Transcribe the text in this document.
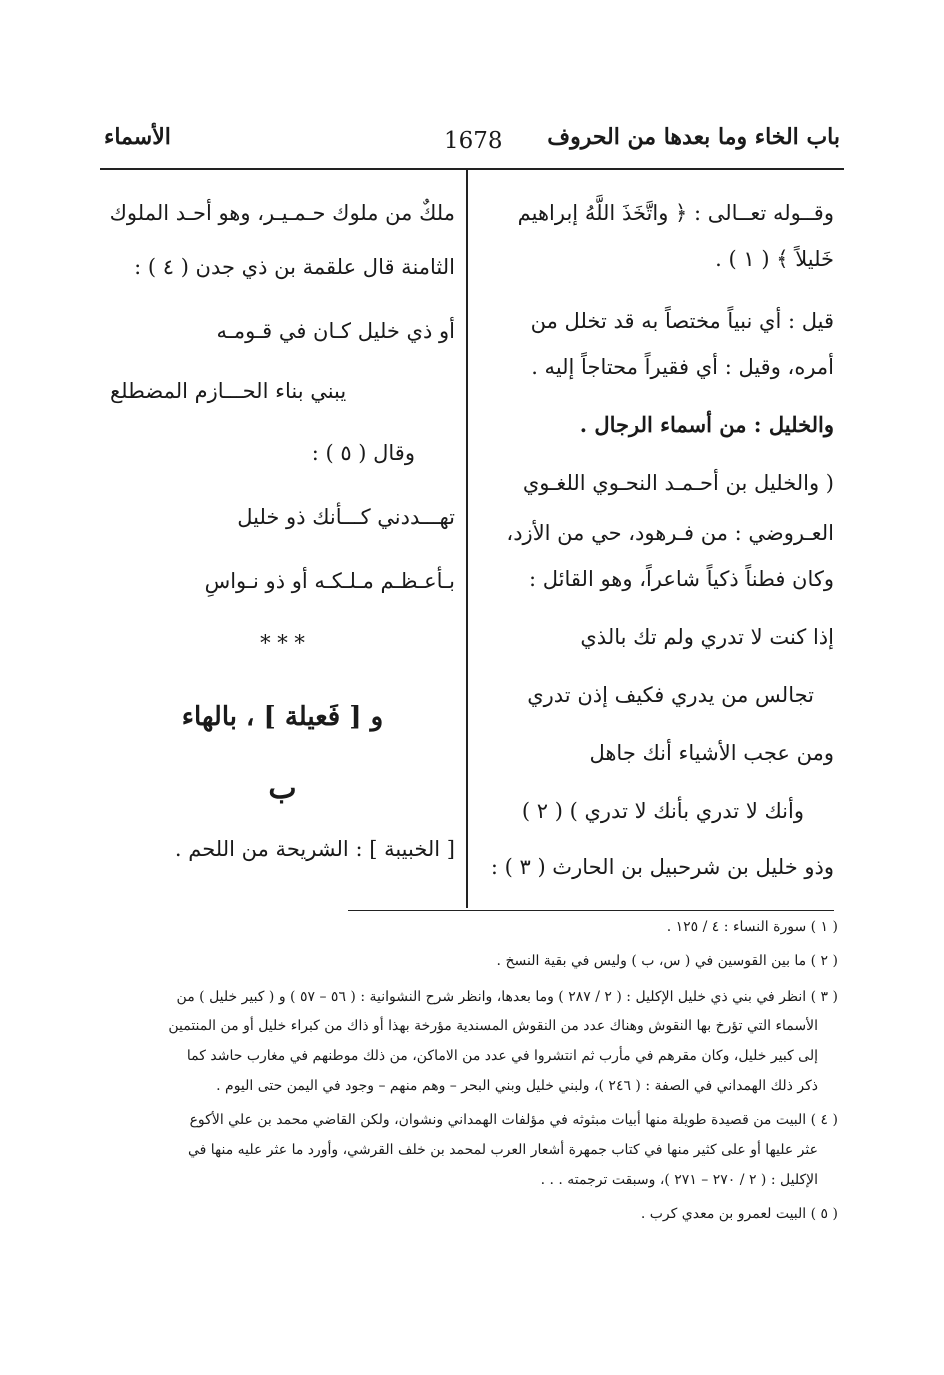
باب الخاء وما بعدها من الحروف
1678
الأسماء
وقــوله تعــالى : ﴿ واتَّخَذَ اللَّهُ إبراهيم
خَليلاً ﴾ ( ١ ) .
قيل : أي نبياً مختصاً به قد تخلل من
أمره، وقيل : أي فقيراً محتاجاً إليه .
والخليل : من أسماء الرجال .
( والخليل بن أحـمـد النحـوي اللغـوي
العـروضي : من فـرهود، حي من الأزد،
وكان فطناً ذكياً شاعراً، وهو القائل :
إذا كنت لا تدري ولم تك بالذي
تجالس من يدري فكيف إذن تدري
ومن عجب الأشياء أنك جاهل
وأنك لا تدري بأنك لا تدري ) ( ٢ )
وذو خليل بن شرحبيل بن الحارث ( ٣ ) :
ملكٌ من ملوك حـمـيـر، وهو أحـد الملوك
الثامنة قال علقمة بن ذي جدن ( ٤ ) :
أو ذي خليل كـان في قـومـه
يبني بناء الحـــازم المضطلع
وقال ( ٥ ) :
تهـــددني كـــأنك ذو خليل
بـأعـظـم مـلـكـه أو ذو نـواسِ
* * *
و [ فَعيلة ] ، بالهاء
ب
[ الخبيبة ] : الشريحة من اللحم .
( ١ ) سورة النساء : ٤ / ١٢٥ .
( ٢ ) ما بين القوسين في ( س، ب ) وليس في بقية النسخ .
( ٣ ) انظر في بني ذي خليل الإكليل : ( ٢ / ٢٨٧ ) وما بعدها، وانظر شرح النشوانية : ( ٥٦ – ٥٧ ) و ( كبير خليل ) من
الأسماء التي تؤرخ بها النقوش وهناك عدد من النقوش المسندية مؤرخة بهذا أو ذاك من كبراء خليل أو من المنتمين
إلى كبير خليل، وكان مقرهم في مأرب ثم انتشروا في عدد من الاماكن، من ذلك موطنهم في مغارب حاشد كما
ذكر ذلك الهمداني في الصفة : ( ٢٤٦ )، ولبني خليل وبني البحر – وهم منهم – وجود في اليمن حتى اليوم .
( ٤ ) البيت من قصيدة طويلة منها أبيات مبثوثه في مؤلفات الهمداني ونشوان، ولكن القاضي محمد بن علي الأكوع
عثر عليها أو على كثير منها في كتاب جمهرة أشعار العرب لمحمد بن خلف القرشي، وأورد ما عثر عليه منها في
الإكليل : ( ٢ / ٢٧٠ – ٢٧١ )، وسبقت ترجمته . . .
( ٥ ) البيت لعمرو بن معدي كرب .
